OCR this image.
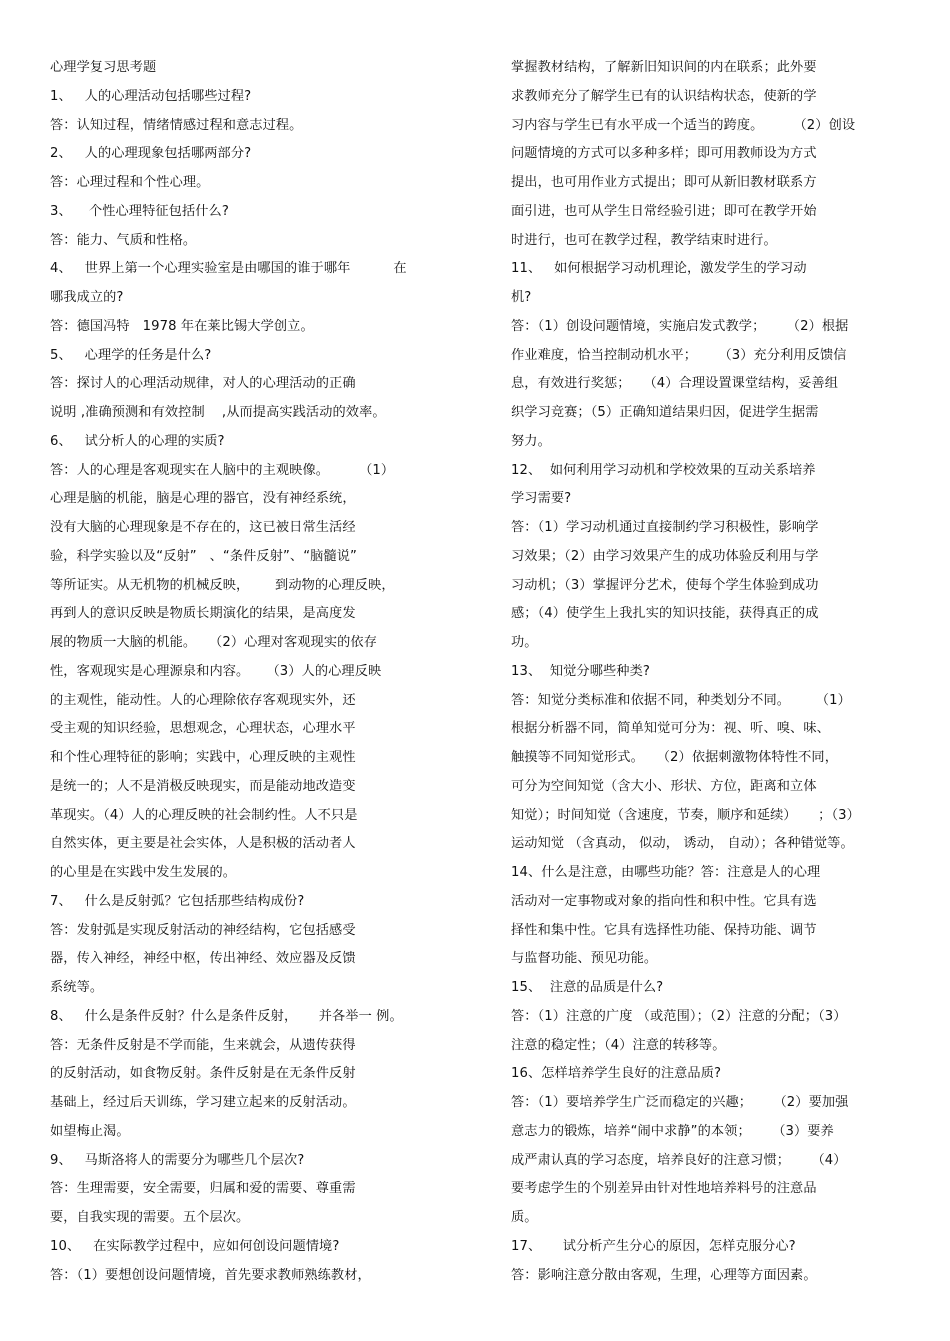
心理学复习思考题
1、   人的心理活动包括哪些过程?
答：认知过程，情绪情感过程和意志过程。
2、   人的心理现象包括哪两部分?
答：心理过程和个性心理。
3、    个性心理特征包括什么?
答：能力、气质和性格。
4、   世界上第一个心理实验室是由哪国的谁于哪年          在
哪我成立的?
答：德国冯特   1978 年在莱比锡大学创立。
5、   心理学的任务是什么?
答：探讨人的心理活动规律，对人的心理活动的正确
说明 ,准确预测和有效控制    ,从而提高实践活动的效率。
6、   试分析人的心理的实质?
答：人的心理是客观现实在人脑中的主观映像。       （1）
心理是脑的机能，脑是心理的器官，没有神经系统，
没有大脑的心理现象是不存在的，这已被日常生活经
验，科学实验以及“反射”   、“条件反射”、“脑髓说”
等所证实。从无机物的机械反映，      到动物的心理反映，
再到人的意识反映是物质长期演化的结果，是高度发
展的物质一大脑的机能。   （2）心理对客观现实的依存
性，客观现实是心理源泉和内容。    （3）人的心理反映
的主观性，能动性。人的心理除依存客观现实外，还
受主观的知识经验，思想观念，心理状态，心理水平
和个性心理特征的影响；实践中，心理反映的主观性
是统一的；人不是消极反映现实，而是能动地改造变
革现实。（4）人的心理反映的社会制约性。人不只是
自然实体，更主要是社会实体，人是积极的活动者人
的心里是在实践中发生发展的。
7、   什么是反射弧？它包括那些结构成份?
答：发射弧是实现反射活动的神经结构，它包括感受
器，传入神经，神经中枢，传出神经、效应器及反馈
系统等。
8、   什么是条件反射？什么是条件反射，     并各举一 例。
答：无条件反射是不学而能，生来就会，从遗传获得
的反射活动，如食物反射。条件反射是在无条件反射
基础上，经过后天训练，学习建立起来的反射活动。
如望梅止渴。
9、   马斯洛将人的需要分为哪些几个层次?
答：生理需要，安全需要，归属和爱的需要、尊重需
要，自我实现的需要。五个层次。
10、   在实际教学过程中，应如何创设问题情境?
答：（1）要想创设问题情境，首先要求教师熟练教材，
掌握教材结构，了解新旧知识间的内在联系；此外要
求教师充分了解学生已有的认识结构状态，使新的学
习内容与学生已有水平成一个适当的跨度。       （2）创设
问题情境的方式可以多种多样；即可用教师设为方式
提出，也可用作业方式提出；即可从新旧教材联系方
面引进，也可从学生日常经验引进；即可在教学开始
时进行，也可在教学过程，教学结束时进行。
11、   如何根据学习动机理论，激发学生的学习动
机?
答：（1）创设问题情境，实施启发式教学；     （2）根据
作业难度，恰当控制动机水平；     （3）充分利用反馈信
息，有效进行奖惩；   （4）合理设置课堂结构，妥善组
织学习竞赛；（5）正确知道结果归因，促进学生据需
努力。
12、  如何利用学习动机和学校效果的互动关系培养
学习需要?
答：（1）学习动机通过直接制约学习积极性，影响学
习效果；（2）由学习效果产生的成功体验反利用与学
习动机；（3）掌握评分艺术，使每个学生体验到成功
感；（4）使学生上我扎实的知识技能，获得真正的成
功。
13、  知觉分哪些种类?
答：知觉分类标准和依据不同，种类划分不同。      （1）
根据分析器不同，简单知觉可分为：视、听、嗅、味、
触摸等不同知觉形式。   （2）依据刺激物体特性不同，
可分为空间知觉（含大小、形状、方位，距离和立体
知觉）；时间知觉（含速度，节奏，顺序和延续）     ；（3）
运动知觉 （含真动， 似动， 诱动， 自动）；各种错觉等。
14、什么是注意，由哪些功能？答：注意是人的心理
活动对一定事物或对象的指向性和积中性。它具有选
择性和集中性。它具有选择性功能、保持功能、调节
与监督功能、预见功能。
15、  注意的品质是什么?
答：（1）注意的广度 （或范围）；（2）注意的分配；（3）
注意的稳定性；（4）注意的转移等。
16、怎样培养学生良好的注意品质?
答：（1）要培养学生广泛而稳定的兴趣；     （2）要加强
意志力的锻炼，培养“闹中求静”的本领；     （3）要养
成严肃认真的学习态度，培养良好的注意习惯；     （4）
要考虑学生的个别差异由针对性地培养料号的注意品
质。
17、     试分析产生分心的原因，怎样克服分心?
答：影响注意分散由客观，生理，心理等方面因素。
